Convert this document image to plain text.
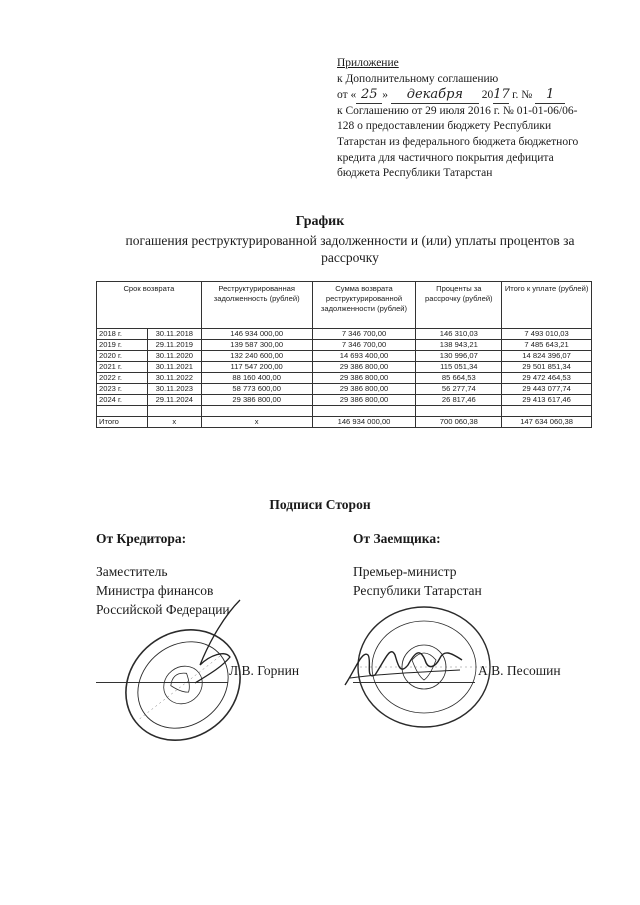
Приложение
к Дополнительному соглашению
от « 25 » декабря 2017 г. № 1
к Соглашению от 29 июля 2016 г. № 01-01-06/06-
128 о предоставлении бюджету Республики
Татарстан из федерального бюджета бюджетного
кредита для частичного покрытия дефицита
бюджета Республики Татарстан
График
погашения реструктурированной задолженности и (или) уплаты процентов за рассрочку
Срок возврата		Реструктурированная задолженность (рублей)	Сумма возврата реструктурированной задолженности (рублей)	Проценты за рассрочку (рублей)	Итого к уплате (рублей)
2018 г.	30.11.2018	146 934 000,00	7 346 700,00	146 310,03	7 493 010,03
2019 г.	29.11.2019	139 587 300,00	7 346 700,00	138 943,21	7 485 643,21
2020 г.	30.11.2020	132 240 600,00	14 693 400,00	130 996,07	14 824 396,07
2021 г.	30.11.2021	117 547 200,00	29 386 800,00	115 051,34	29 501 851,34
2022 г.	30.11.2022	88 160 400,00	29 386 800,00	85 664,53	29 472 464,53
2023 г.	30.11.2023	58 773 600,00	29 386 800,00	56 277,74	29 443 077,74
2024 г.	29.11.2024	29 386 800,00	29 386 800,00	26 817,46	29 413 617,46

Итого	х	х	146 934 000,00	700 060,38	147 634 060,38
Подписи Сторон
От Кредитора:	От Заемщика:
Заместитель
Министра финансов
Российской Федерации
Премьер-министр
Республики Татарстан
Л.В. Горнин	А.В. Песошин
